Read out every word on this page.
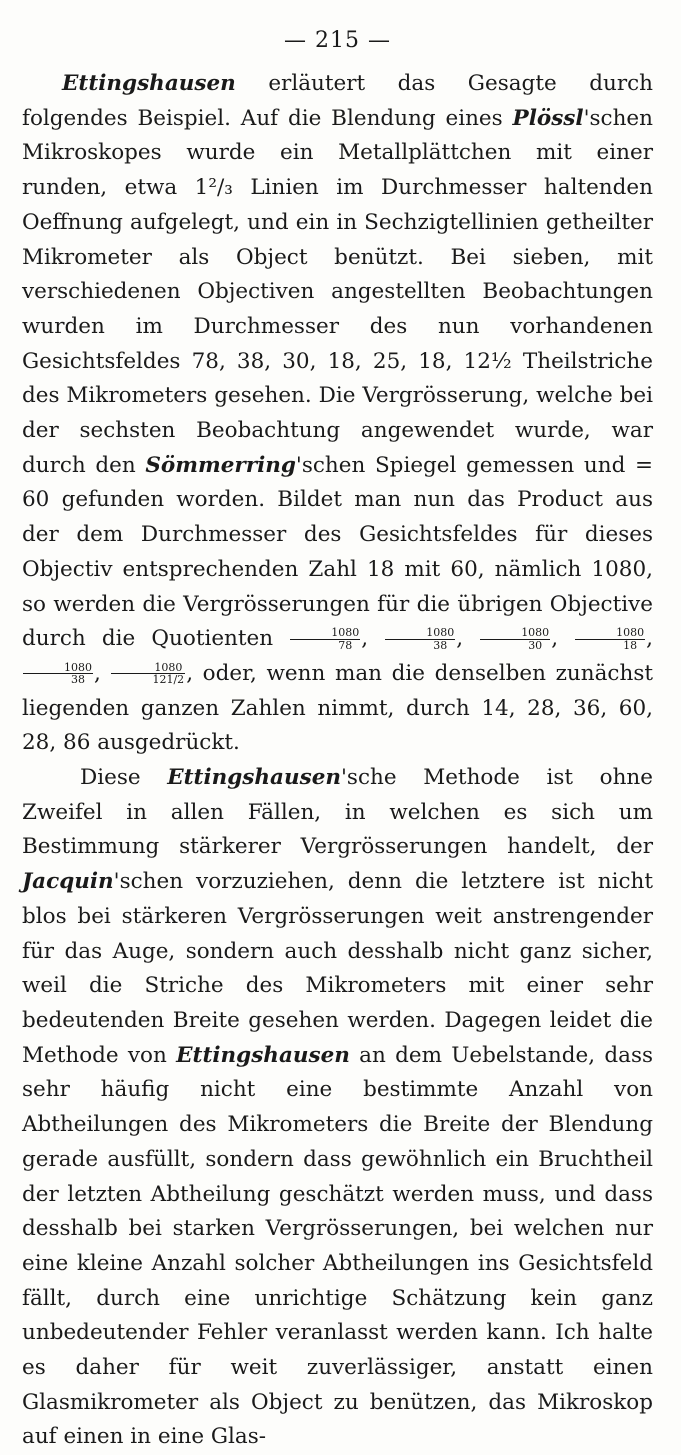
— 215 —

Ettingshausen erläutert das Gesagte durch folgendes Beispiel. Auf die Blendung eines Plössl'schen Mikroskopes wurde ein Metallplättchen mit einer runden, etwa 1²/₃ Linien im Durchmesser haltenden Oeffnung aufgelegt, und ein in Sechzigtellinien getheilter Mikrometer als Object benützt. Bei sieben, mit verschiedenen Objectiven angestellten Beobachtungen wurden im Durchmesser des nun vorhandenen Gesichtsfeldes 78, 38, 30, 18, 25, 18, 12½ Theilstriche des Mikrometers gesehen. Die Vergrösserung, welche bei der sechsten Beobachtung angewendet wurde, war durch den Sömmerring'schen Spiegel gemessen und = 60 gefunden worden. Bildet man nun das Product aus der dem Durchmesser des Gesichtsfeldes für dieses Objectiv entsprechenden Zahl 18 mit 60, nämlich 1080, so werden die Vergrösserungen für die übrigen Objective durch die Quotienten $\frac{1080}{78}$ , $\frac{1080}{38}$ , $\frac{1080}{30}$ , $\frac{1080}{18}$ ,
$\frac{1080}{38}$ , $\frac{1080}{121/2}$ , oder, wenn man die denselben zunächst liegenden ganzen Zahlen nimmt, durch 14, 28, 36, 60, 28, 86 ausgedrückt.

Diese Ettingshausen'sche Methode ist ohne Zweifel in allen Fällen, in welchen es sich um Bestimmung stärkerer Vergrösserungen handelt, der Jacquin'schen vorzuziehen, denn die letztere ist nicht blos bei stärkeren Vergrösserungen weit anstrengender für das Auge, sondern auch desshalb nicht ganz sicher, weil die Striche des Mikrometers mit einer sehr bedeutenden Breite gesehen werden. Dagegen leidet die Methode von Ettingshausen an dem Uebelstande, dass sehr häufig nicht eine bestimmte Anzahl von Abtheilungen des Mikrometers die Breite der Blendung gerade ausfüllt, sondern dass gewöhnlich ein Bruchtheil der letzten Abtheilung geschätzt werden muss, und dass desshalb bei starken Vergrösserungen, bei welchen nur eine kleine Anzahl solcher Abtheilungen ins Gesichtsfeld fällt, durch eine unrichtige Schätzung kein ganz unbedeutender Fehler veranlasst werden kann. Ich halte es daher für weit zuverlässiger, anstatt einen Glasmikrometer als Object zu benützen, das Mikroskop auf einen in eine Glas-
